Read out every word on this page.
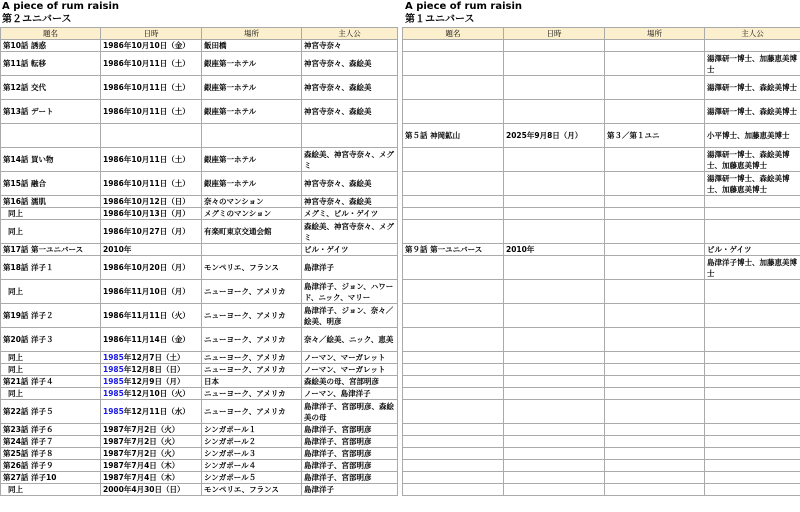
A piece of rum raisin
第２ユニバース
A piece of rum raisin
第１ユニバース
題名	日時	場所	主人公
第10話 誘惑	1986年10月10日（金）	飯田橋	神宮寺奈々
第11話 転移	1986年10月11日（土）	銀座第一ホテル	神宮寺奈々、森絵美
第12話 交代	1986年10月11日（土）	銀座第一ホテル	神宮寺奈々、森絵美
第13話 デート	1986年10月11日（土）	銀座第一ホテル	神宮寺奈々、森絵美

第14話 買い物	1986年10月11日（土）	銀座第一ホテル	森絵美、神宮寺奈々、メグミ
第15話 融合	1986年10月11日（土）	銀座第一ホテル	神宮寺奈々、森絵美
第16話 濡肌	1986年10月12日（日）	奈々のマンション	神宮寺奈々、森絵美
同上	1986年10月13日（月）	メグミのマンション	メグミ、ビル・ゲイツ
同上	1986年10月27日（月）	有楽町東京交通会館	森絵美、神宮寺奈々、メグミ
第17話 第一ユニバース	2010年		ビル・ゲイツ
第18話 洋子１	1986年10月20日（月）	モンペリエ、フランス	島津洋子
同上	1986年11月10日（月）	ニューヨーク、アメリカ	島津洋子、ジョン、ハワード、ニック、マリー
第19話 洋子２	1986年11月11日（火）	ニューヨーク、アメリカ	島津洋子、ジョン、奈々／絵美、明彦
第20話 洋子３	1986年11月14日（金）	ニューヨーク、アメリカ	奈々／絵美、ニック、恵美
同上	1985年12月7日（土）	ニューヨーク、アメリカ	ノーマン、マーガレット
同上	1985年12月8日（日）	ニューヨーク、アメリカ	ノーマン、マーガレット
第21話 洋子４	1985年12月9日（月）	日本	森絵美の母、宮部明彦
同上	1985年12月10日（火）	ニューヨーク、アメリカ	ノーマン、島津洋子
第22話 洋子５	1985年12月11日（水）	ニューヨーク、アメリカ	島津洋子、宮部明彦、森絵美の母
第23話 洋子６	1987年7月2日（火）	シンガポール１	島津洋子、宮部明彦
第24話 洋子７	1987年7月2日（火）	シンガポール２	島津洋子、宮部明彦
第25話 洋子８	1987年7月2日（火）	シンガポール３	島津洋子、宮部明彦
第26話 洋子９	1987年7月4日（木）	シンガポール４	島津洋子、宮部明彦
第27話 洋子10	1987年7月4日（木）	シンガポール５	島津洋子、宮部明彦
同上	2000年4月30日（日）	モンペリエ、フランス	島津洋子
題名	日時	場所	主人公

			湯澤研一博士、加藤恵美博士
			湯澤研一博士、森絵美博士
			湯澤研一博士、森絵美博士
第５話 神岡鉱山	2025年9月8日（月）	第３／第１ユニ	小平博士、加藤恵美博士
			湯澤研一博士、森絵美博士、加藤恵美博士
			湯澤研一博士、森絵美博士、加藤恵美博士

第９話 第一ユニバース	2010年		ビル・ゲイツ
			島津洋子博士、加藤恵美博士
